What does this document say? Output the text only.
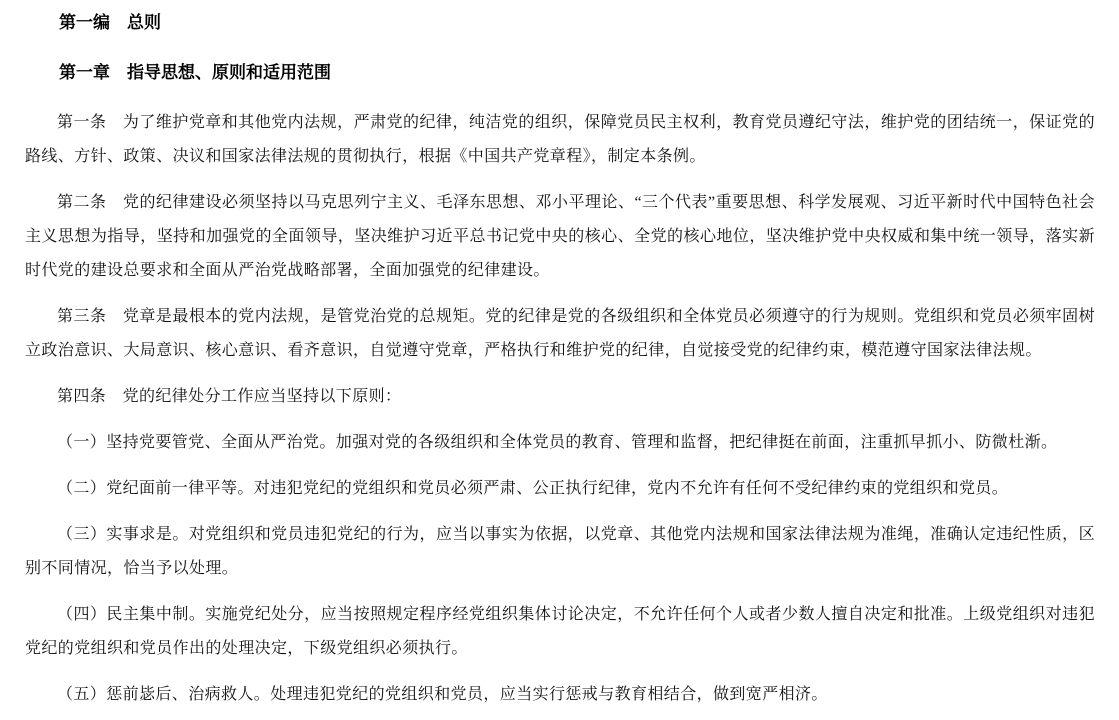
第一编　总则
第一章　指导思想、原则和适用范围

第一条　为了维护党章和其他党内法规，严肃党的纪律，纯洁党的组织，保障党员民主权利，教育党员遵纪守法，维护党的团结统一，保证党的路线、方针、政策、决议和国家法律法规的贯彻执行，根据《中国共产党章程》，制定本条例。

第二条　党的纪律建设必须坚持以马克思列宁主义、毛泽东思想、邓小平理论、“三个代表”重要思想、科学发展观、习近平新时代中国特色社会主义思想为指导，坚持和加强党的全面领导，坚决维护习近平总书记党中央的核心、全党的核心地位，坚决维护党中央权威和集中统一领导，落实新时代党的建设总要求和全面从严治党战略部署，全面加强党的纪律建设。

第三条　党章是最根本的党内法规，是管党治党的总规矩。党的纪律是党的各级组织和全体党员必须遵守的行为规则。党组织和党员必须牢固树立政治意识、大局意识、核心意识、看齐意识，自觉遵守党章，严格执行和维护党的纪律，自觉接受党的纪律约束，模范遵守国家法律法规。

第四条　党的纪律处分工作应当坚持以下原则：

（一）坚持党要管党、全面从严治党。加强对党的各级组织和全体党员的教育、管理和监督，把纪律挺在前面，注重抓早抓小、防微杜渐。

（二）党纪面前一律平等。对违犯党纪的党组织和党员必须严肃、公正执行纪律，党内不允许有任何不受纪律约束的党组织和党员。

（三）实事求是。对党组织和党员违犯党纪的行为，应当以事实为依据，以党章、其他党内法规和国家法律法规为准绳，准确认定违纪性质，区别不同情况，恰当予以处理。

（四）民主集中制。实施党纪处分，应当按照规定程序经党组织集体讨论决定，不允许任何个人或者少数人擅自决定和批准。上级党组织对违犯党纪的党组织和党员作出的处理决定，下级党组织必须执行。

（五）惩前毖后、治病救人。处理违犯党纪的党组织和党员，应当实行惩戒与教育相结合，做到宽严相济。
